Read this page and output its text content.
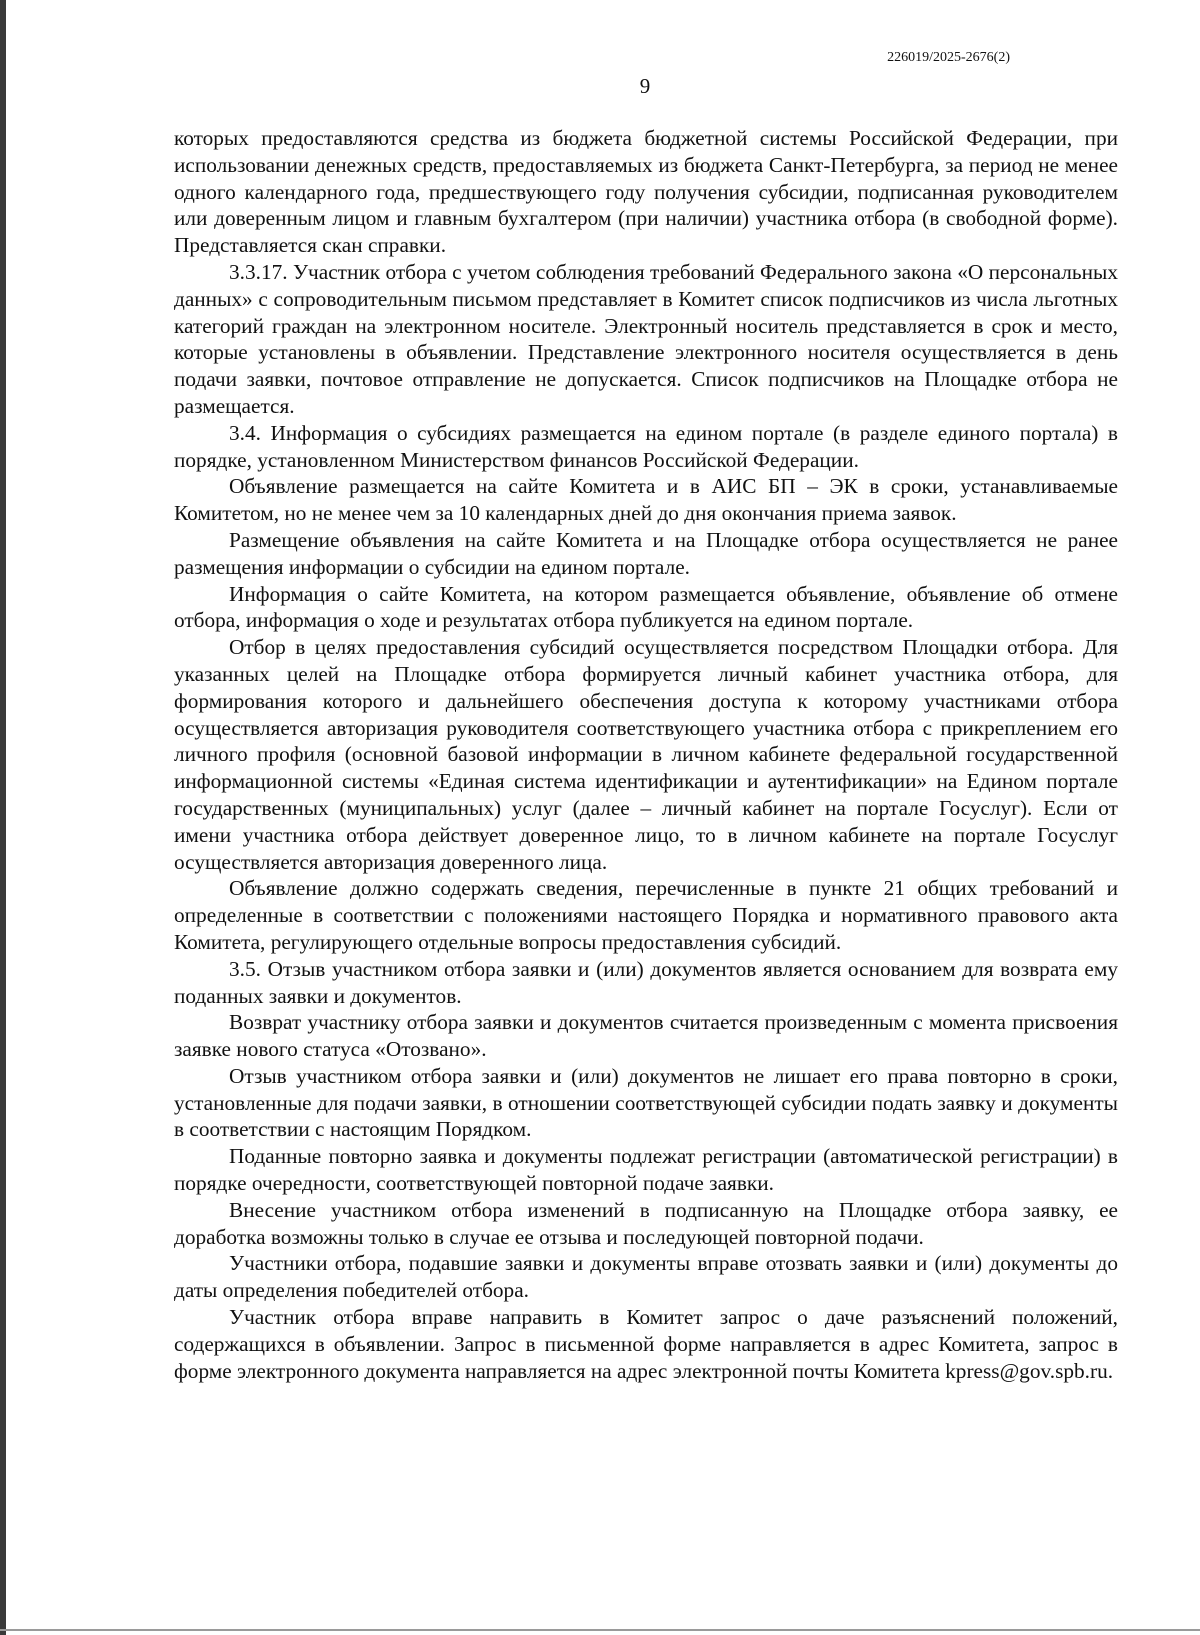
226019/2025-2676(2)
9

которых предоставляются средства из бюджета бюджетной системы Российской Федерации, при использовании денежных средств, предоставляемых из бюджета Санкт-Петербурга, за период не менее одного календарного года, предшествующего году получения субсидии, подписанная руководителем или доверенным лицом и главным бухгалтером (при наличии) участника отбора (в свободной форме). Представляется скан справки.

3.3.17. Участник отбора с учетом соблюдения требований Федерального закона «О персональных данных» с сопроводительным письмом представляет в Комитет список подписчиков из числа льготных категорий граждан на электронном носителе. Электронный носитель представляется в срок и место, которые установлены в объявлении. Представление электронного носителя осуществляется в день подачи заявки, почтовое отправление не допускается. Список подписчиков на Площадке отбора не размещается.

3.4. Информация о субсидиях размещается на едином портале (в разделе единого портала) в порядке, установленном Министерством финансов Российской Федерации.

Объявление размещается на сайте Комитета и в АИС БП – ЭК в сроки, устанавливаемые Комитетом, но не менее чем за 10 календарных дней до дня окончания приема заявок.

Размещение объявления на сайте Комитета и на Площадке отбора осуществляется не ранее размещения информации о субсидии на едином портале.

Информация о сайте Комитета, на котором размещается объявление, объявление об отмене отбора, информация о ходе и результатах отбора публикуется на едином портале.

Отбор в целях предоставления субсидий осуществляется посредством Площадки отбора. Для указанных целей на Площадке отбора формируется личный кабинет участника отбора, для формирования которого и дальнейшего обеспечения доступа к которому участниками отбора осуществляется авторизация руководителя соответствующего участника отбора с прикреплением его личного профиля (основной базовой информации в личном кабинете федеральной государственной информационной системы «Единая система идентификации и аутентификации» на Едином портале государственных (муниципальных) услуг (далее – личный кабинет на портале Госуслуг). Если от имени участника отбора действует доверенное лицо, то в личном кабинете на портале Госуслуг осуществляется авторизация доверенного лица.

Объявление должно содержать сведения, перечисленные в пункте 21 общих требований и определенные в соответствии с положениями настоящего Порядка и нормативного правового акта Комитета, регулирующего отдельные вопросы предоставления субсидий.

3.5. Отзыв участником отбора заявки и (или) документов является основанием для возврата ему поданных заявки и документов.

Возврат участнику отбора заявки и документов считается произведенным с момента присвоения заявке нового статуса «Отозвано».

Отзыв участником отбора заявки и (или) документов не лишает его права повторно в сроки, установленные для подачи заявки, в отношении соответствующей субсидии подать заявку и документы в соответствии с настоящим Порядком.

Поданные повторно заявка и документы подлежат регистрации (автоматической регистрации) в порядке очередности, соответствующей повторной подаче заявки.

Внесение участником отбора изменений в подписанную на Площадке отбора заявку, ее доработка возможны только в случае ее отзыва и последующей повторной подачи.

Участники отбора, подавшие заявки и документы вправе отозвать заявки и (или) документы до даты определения победителей отбора.

Участник отбора вправе направить в Комитет запрос о даче разъяснений положений, содержащихся в объявлении. Запрос в письменной форме направляется в адрес Комитета, запрос в форме электронного документа направляется на адрес электронной почты Комитета kpress@gov.spb.ru.
